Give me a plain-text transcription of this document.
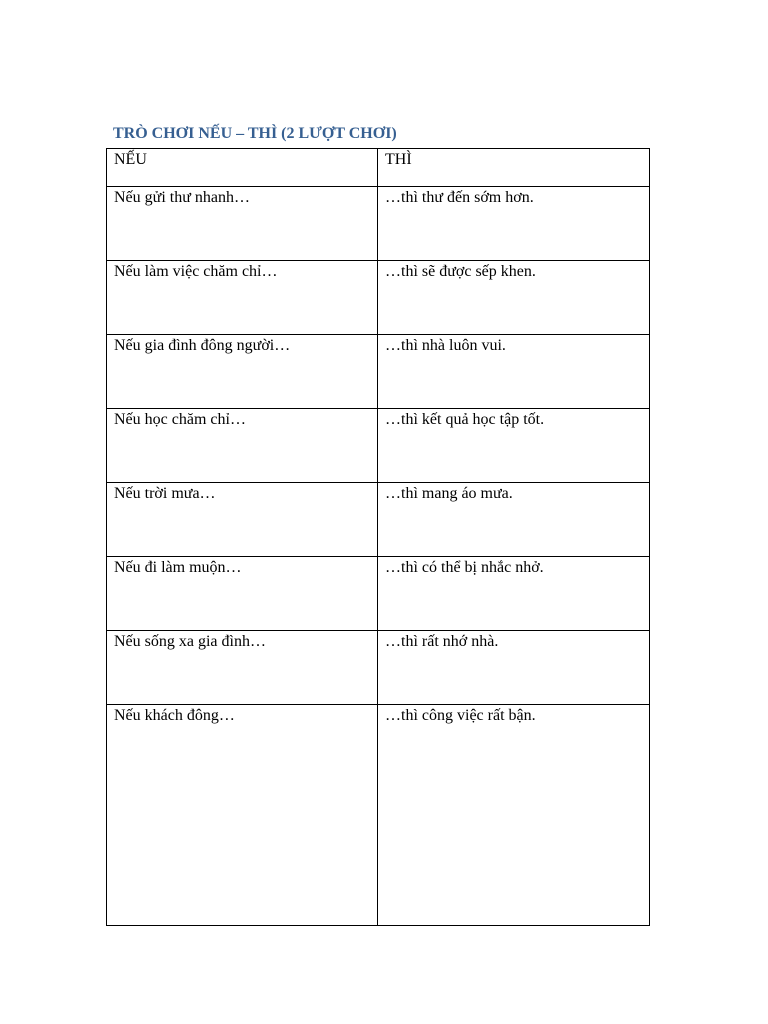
TRÒ CHƠI NẾU – THÌ (2 LƯỢT CHƠI)
NẾU	THÌ
Nếu gửi thư nhanh…	…thì thư đến sớm hơn.
Nếu làm việc chăm chỉ…	…thì sẽ được sếp khen.
Nếu gia đình đông người…	…thì nhà luôn vui.
Nếu học chăm chỉ…	…thì kết quả học tập tốt.
Nếu trời mưa…	…thì mang áo mưa.
Nếu đi làm muộn…	…thì có thể bị nhắc nhở.
Nếu sống xa gia đình…	…thì rất nhớ nhà.
Nếu khách đông…	…thì công việc rất bận.
